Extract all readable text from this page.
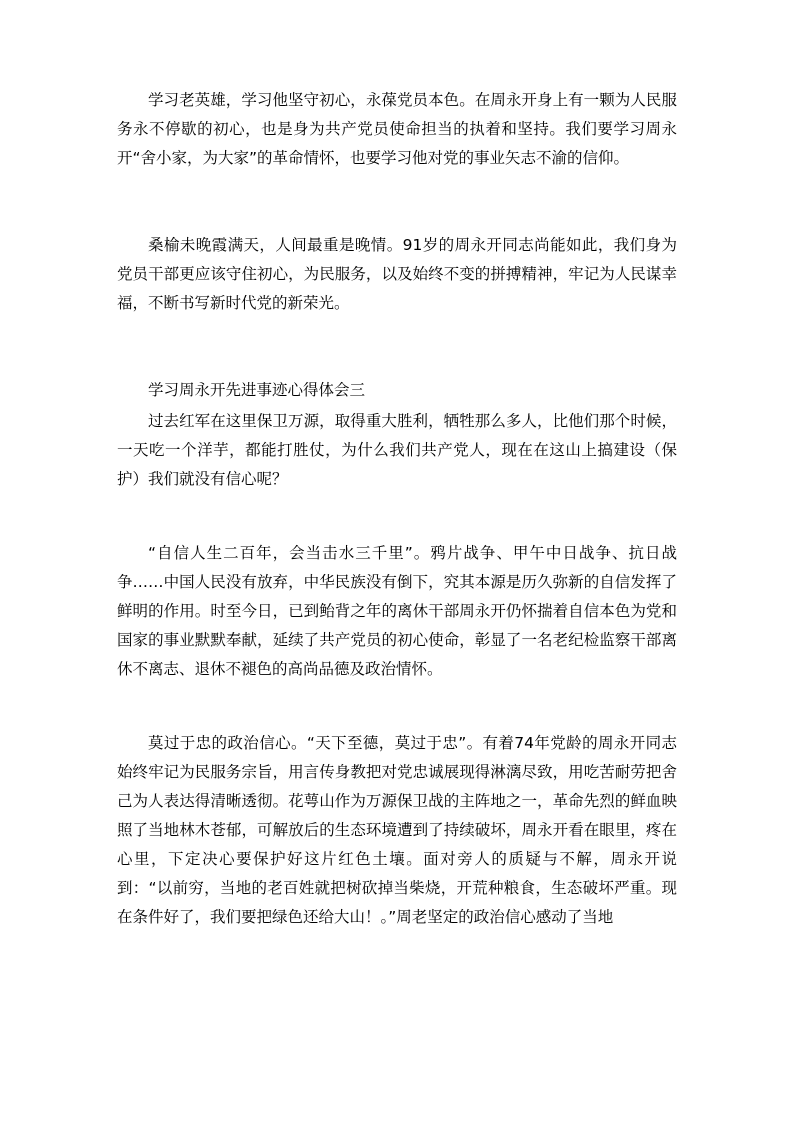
学习老英雄，学习他坚守初心，永葆党员本色。在周永开身上有一颗为人民服务永不停歇的初心，也是身为共产党员使命担当的执着和坚持。我们要学习周永开“舍小家，为大家”的革命情怀，也要学习他对党的事业矢志不渝的信仰。

桑榆未晚霞满天，人间最重是晚情。91岁的周永开同志尚能如此，我们身为党员干部更应该守住初心，为民服务，以及始终不变的拼搏精神，牢记为人民谋幸福，不断书写新时代党的新荣光。

学习周永开先进事迹心得体会三

过去红军在这里保卫万源，取得重大胜利，牺牲那么多人，比他们那个时候，一天吃一个洋芋，都能打胜仗，为什么我们共产党人，现在在这山上搞建设（保护）我们就没有信心呢？

“自信人生二百年，会当击水三千里”。鸦片战争、甲午中日战争、抗日战争……中国人民没有放弃，中华民族没有倒下，究其本源是历久弥新的自信发挥了鲜明的作用。时至今日，已到鲐背之年的离休干部周永开仍怀揣着自信本色为党和国家的事业默默奉献，延续了共产党员的初心使命，彰显了一名老纪检监察干部离休不离志、退休不褪色的高尚品德及政治情怀。

莫过于忠的政治信心。“天下至德，莫过于忠”。有着74年党龄的周永开同志始终牢记为民服务宗旨，用言传身教把对党忠诚展现得淋漓尽致，用吃苦耐劳把舍己为人表达得清晰透彻。花萼山作为万源保卫战的主阵地之一，革命先烈的鲜血映照了当地林木苍郁，可解放后的生态环境遭到了持续破坏，周永开看在眼里，疼在心里，下定决心要保护好这片红色土壤。面对旁人的质疑与不解，周永开说到：“以前穷，当地的老百姓就把树砍掉当柴烧，开荒种粮食，生态破坏严重。现在条件好了，我们要把绿色还给大山！。”周老坚定的政治信心感动了当地
